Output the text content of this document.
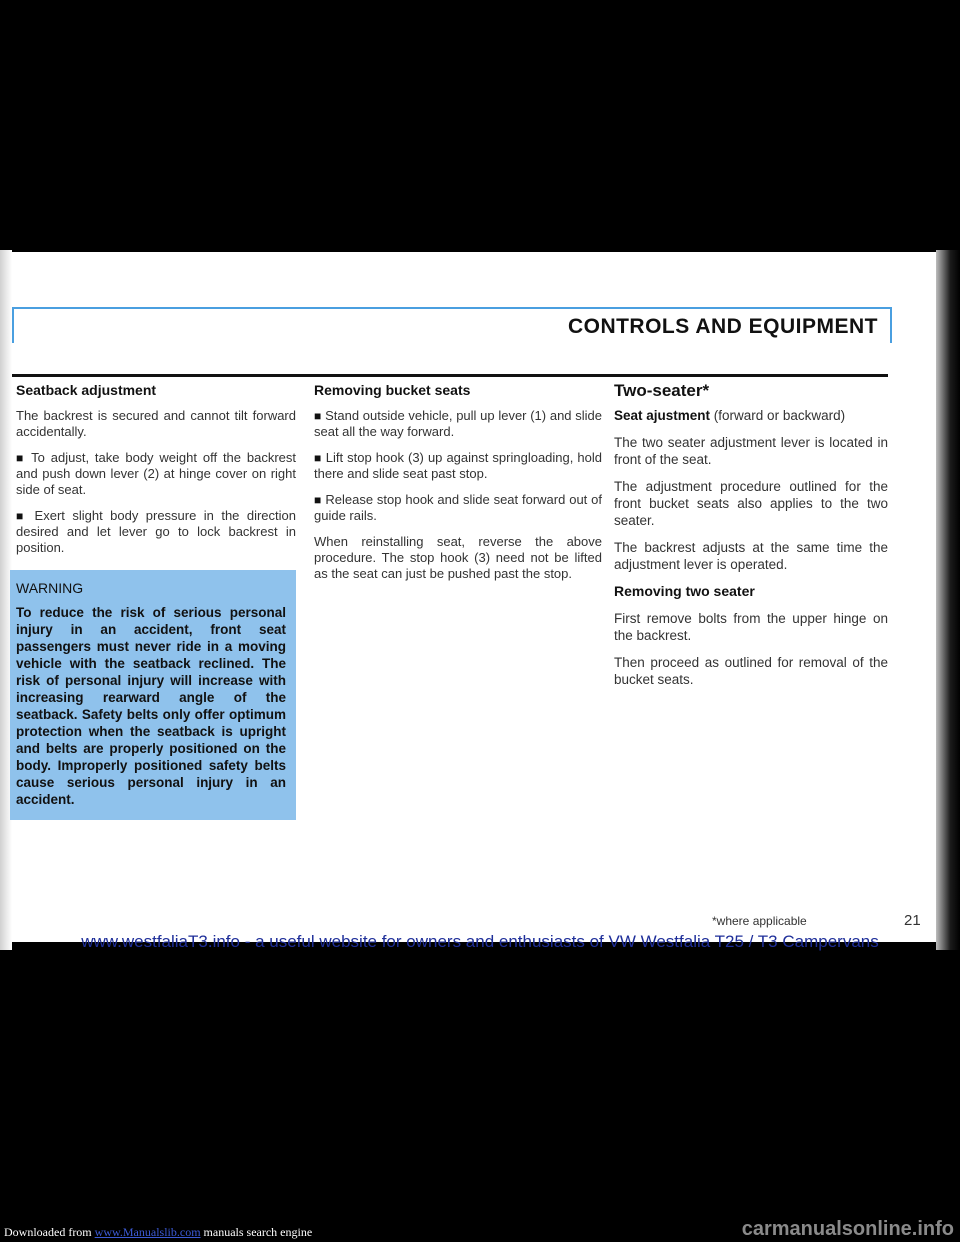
CONTROLS AND EQUIPMENT
Seatback adjustment

The backrest is secured and cannot tilt forward accidentally.

■ To adjust, take body weight off the backrest and push down lever (2) at hinge cover on right side of seat.

■ Exert slight body pressure in the direction desired and let lever go to lock backrest in position.

WARNING
To reduce the risk of serious personal injury in an accident, front seat passengers must never ride in a moving vehicle with the seatback reclined. The risk of personal injury will increase with increasing rearward angle of the seatback. Safety belts only offer optimum protection when the seatback is upright and belts are properly positioned on the body. Improperly positioned safety belts cause serious personal injury in an accident.
Removing bucket seats

■ Stand outside vehicle, pull up lever (1) and slide seat all the way forward.

■ Lift stop hook (3) up against springloading, hold there and slide seat past stop.

■ Release stop hook and slide seat forward out of guide rails.

When reinstalling seat, reverse the above procedure. The stop hook (3) need not be lifted as the seat can just be pushed past the stop.

Two-seater*

Seat ajustment (forward or backward)

The two seater adjustment lever is located in front of the seat.

The adjustment procedure outlined for the front bucket seats also applies to the two seater.

The backrest adjusts at the same time the adjustment lever is operated.

Removing two seater

First remove bolts from the upper hinge on the backrest.

Then proceed as outlined for removal of the bucket seats.

*where applicable	21
www.westfaliaT3.info - a useful website for owners and enthusiasts of VW Westfalia T25 / T3 Campervans
Downloaded from www.Manualslib.com manuals search engine	carmanualsonline.info
